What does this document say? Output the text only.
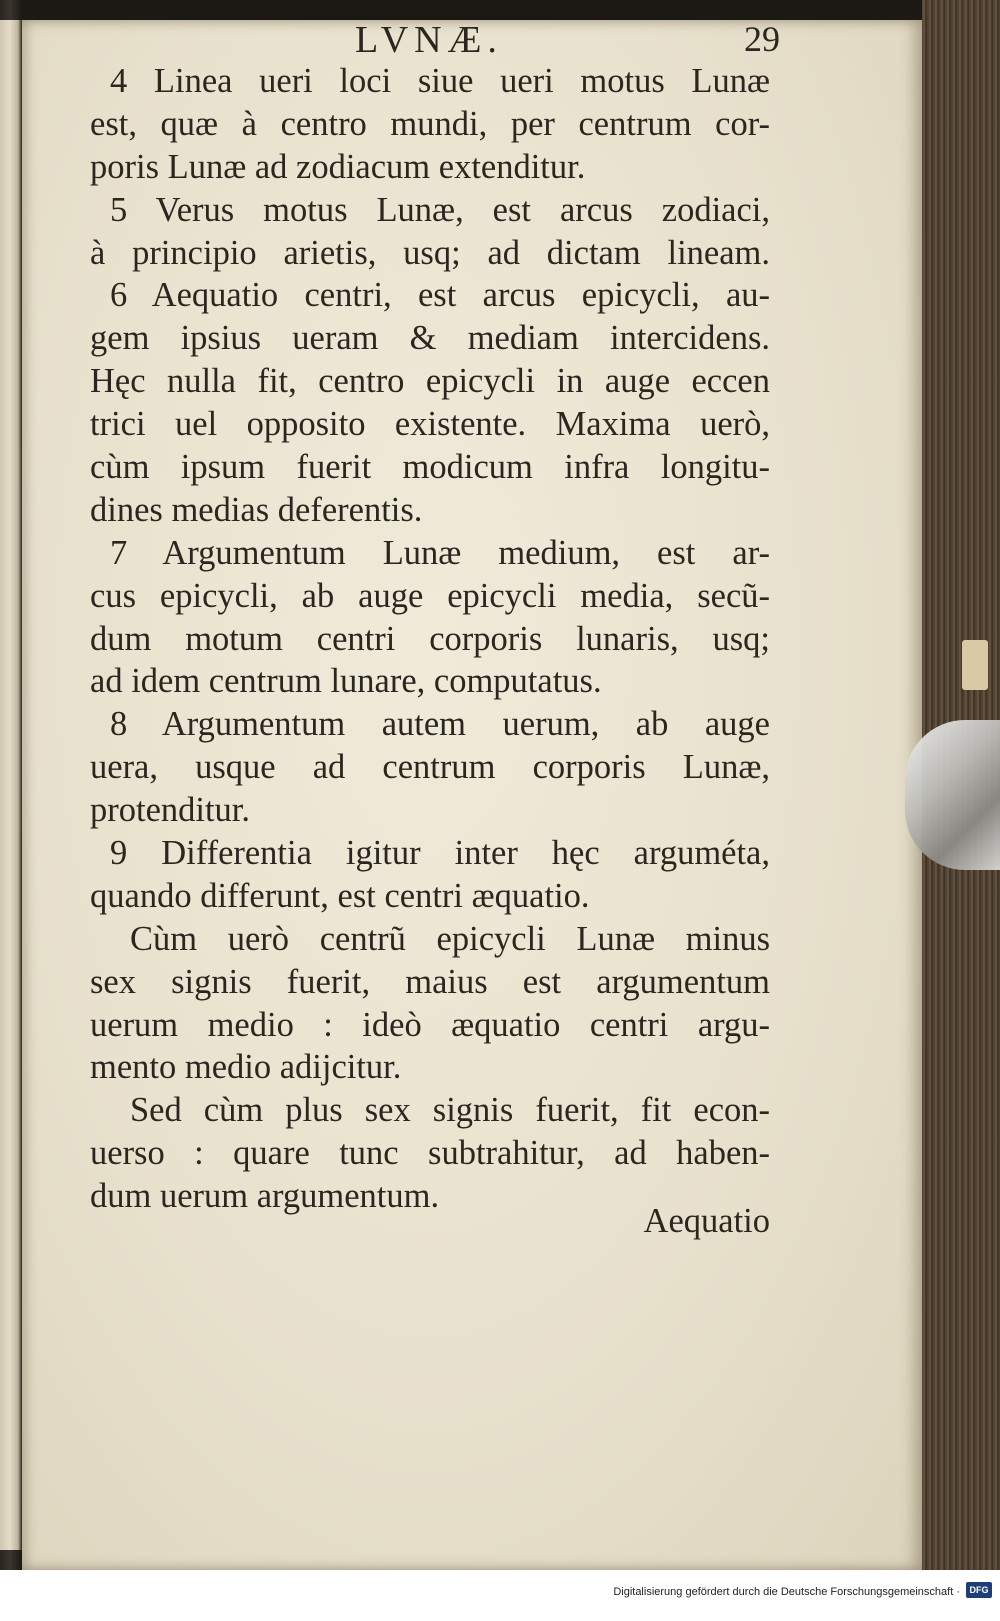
LVNÆ.	29
4 Linea ueri loci siue ueri motus Lunæ
est, quæ à centro mundi, per centrum cor-
poris Lunæ ad zodiacum extenditur.
5 Verus motus Lunæ, est arcus zodiaci,
à principio arietis, usq; ad dictam lineam.
6 Aequatio centri, est arcus epicycli, au-
gem ipsius ueram & mediam intercidens.
Hęc nulla fit, centro epicycli in auge eccen
trici uel opposito existente. Maxima uerò,
cùm ipsum fuerit modicum infra longitu-
dines medias deferentis.
7 Argumentum Lunæ medium, est ar-
cus epicycli, ab auge epicycli media, secũ-
dum motum centri corporis lunaris, usq;
ad idem centrum lunare, computatus.
8 Argumentum autem uerum, ab auge
uera, usque ad centrum corporis Lunæ,
protenditur.
9 Differentia igitur inter hęc arguméta,
quando differunt, est centri æquatio.
Cùm uerò centrũ epicycli Lunæ minus
sex signis fuerit, maius est argumentum
uerum medio : ideò æquatio centri argu-
mento medio adijcitur.
Sed cùm plus sex signis fuerit, fit econ-
uerso : quare tunc subtrahitur, ad haben-
dum uerum argumentum.
Aequatio
Digitalisierung gefördert durch die Deutsche Forschungsgemeinschaft ·	DFG
